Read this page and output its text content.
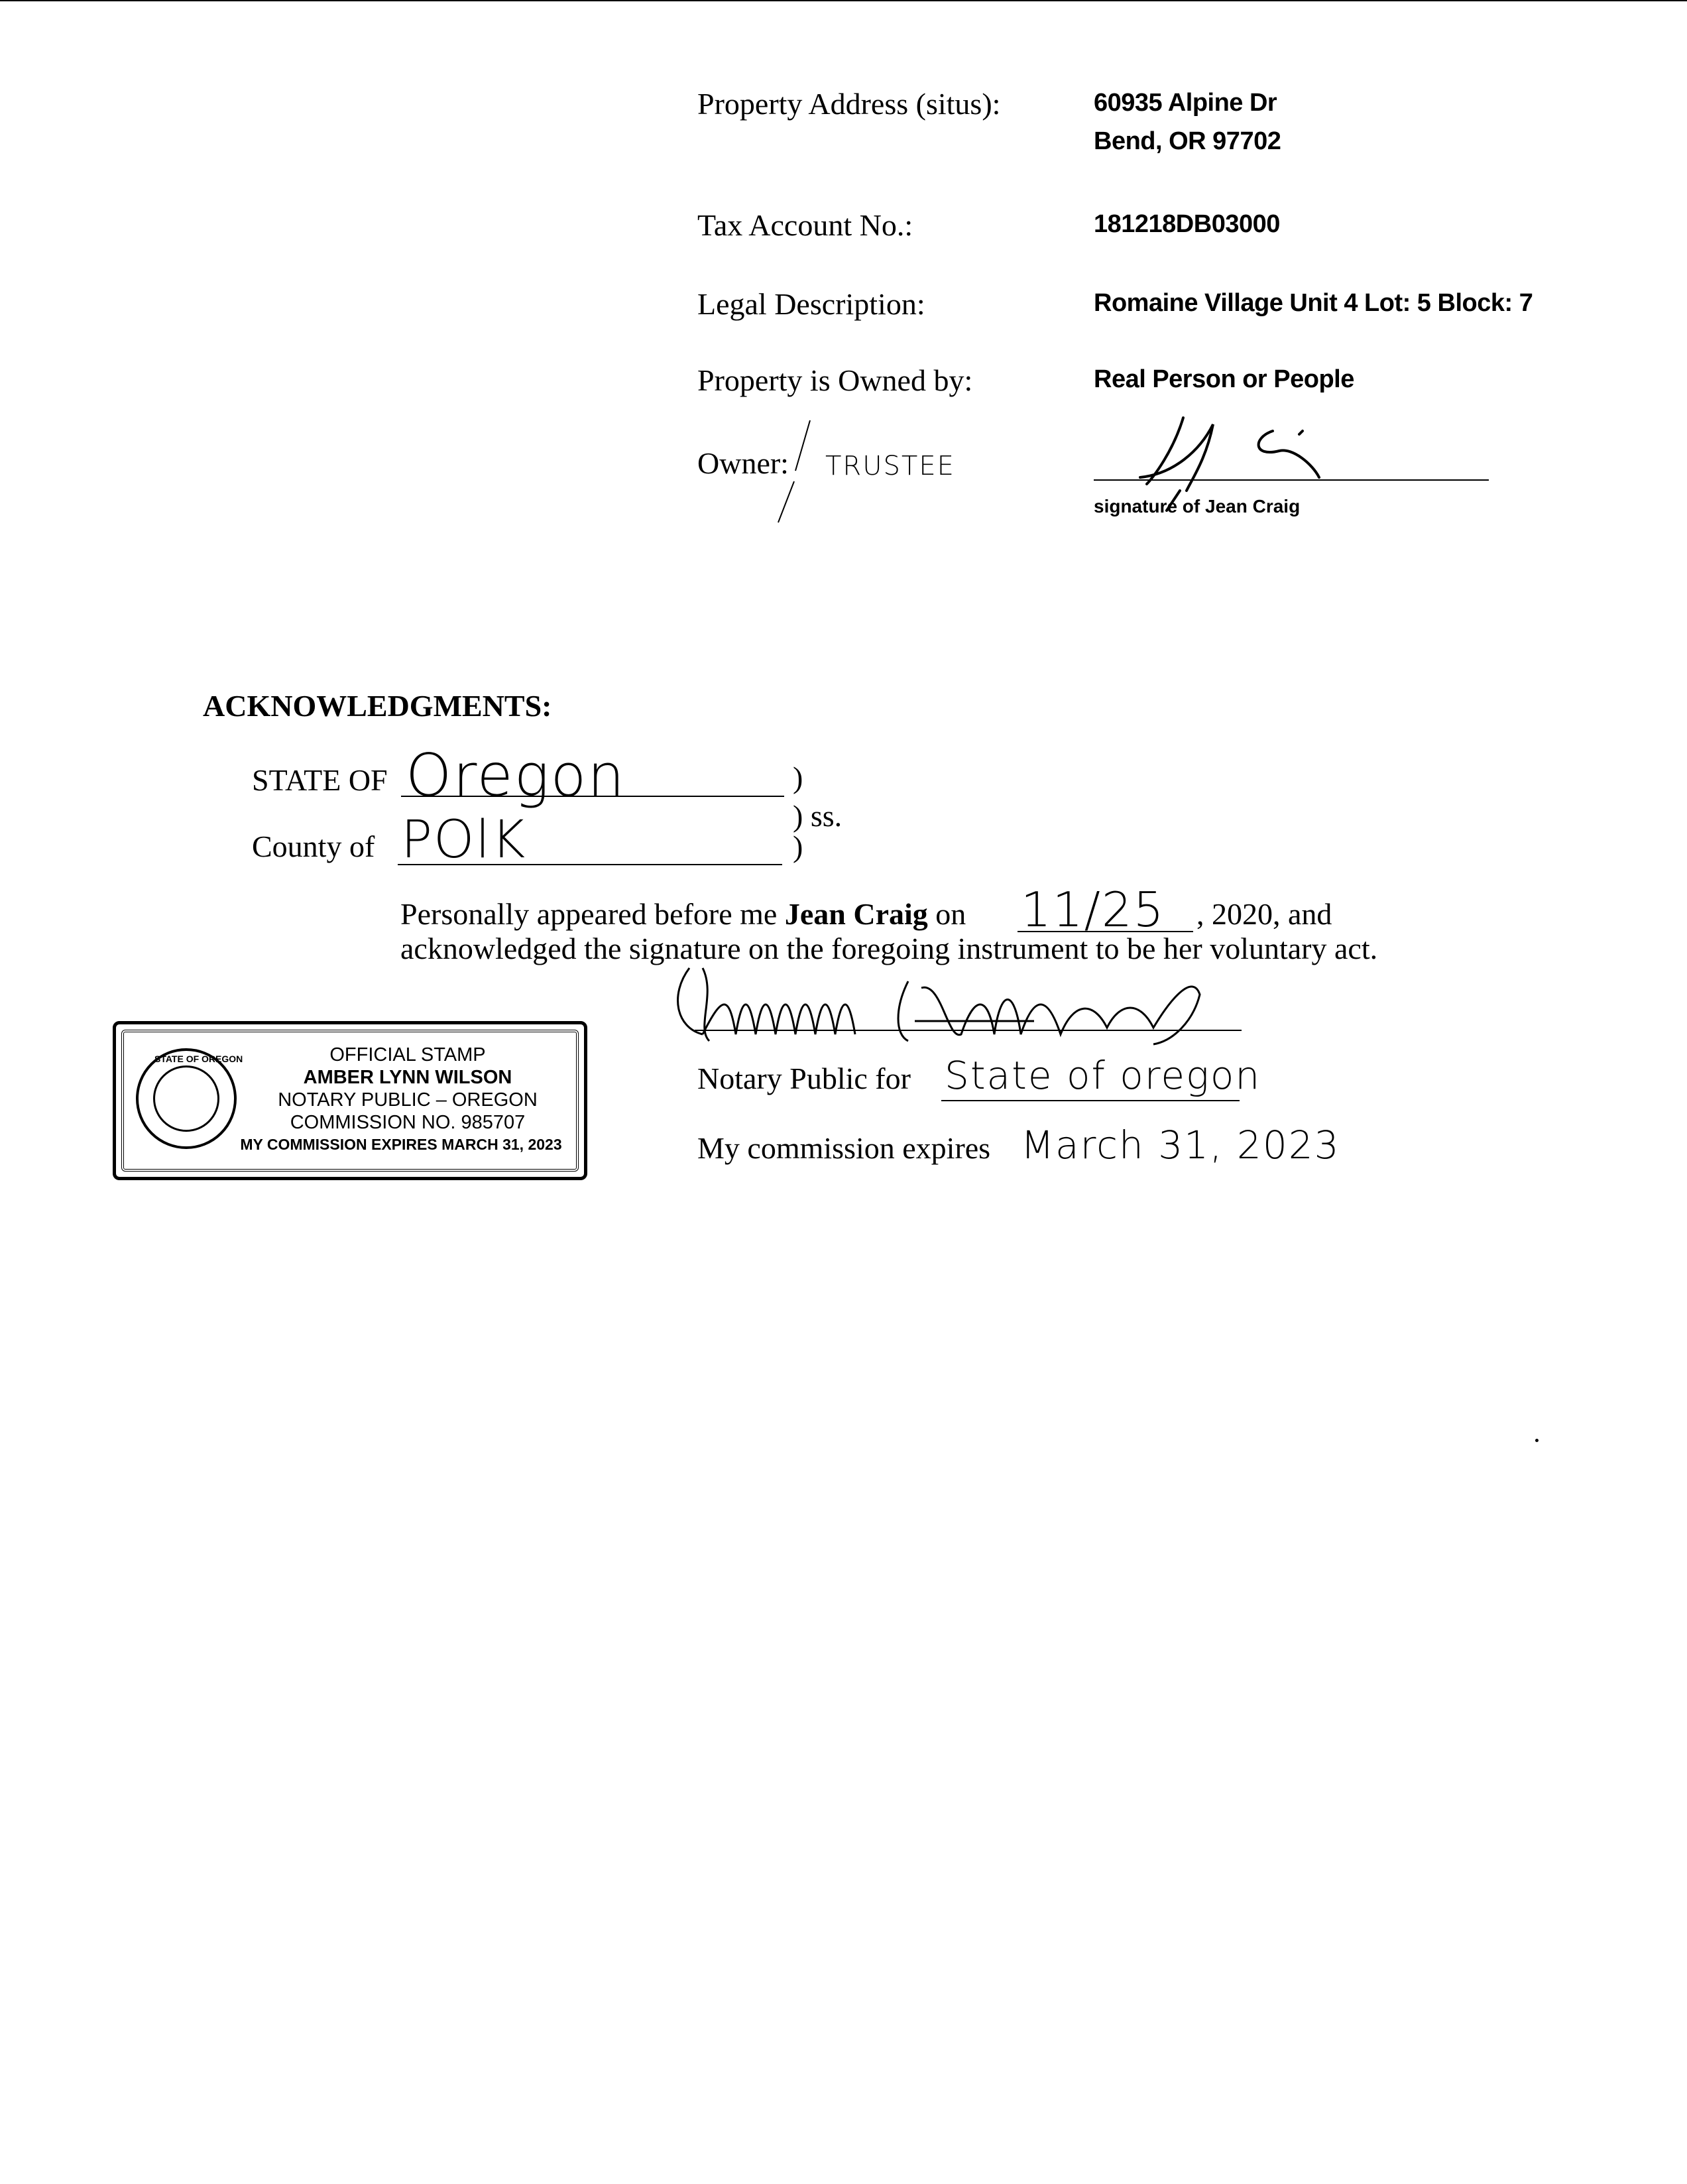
Property Address (situs):	60935 Alpine Dr
Bend, OR 97702
Tax Account No.:	181218DB03000
Legal Description:	Romaine Village Unit 4 Lot: 5 Block: 7
Property is Owned by:	Real Person or People
Owner: TRUSTEE
signature of Jean Craig
ACKNOWLEDGMENTS:
STATE OF Oregon	)
) ss.
County of POlK	)
Personally appeared before me Jean Craig on 11/25 , 2020, and
acknowledged the signature on the foregoing instrument to be her voluntary act.
Notary Public for State of oregon
My commission expires March 31, 2023
STATE OF OREGON	OFFICIAL STAMP
AMBER LYNN WILSON
NOTARY PUBLIC – OREGON
COMMISSION NO. 985707
MY COMMISSION EXPIRES MARCH 31, 2023
